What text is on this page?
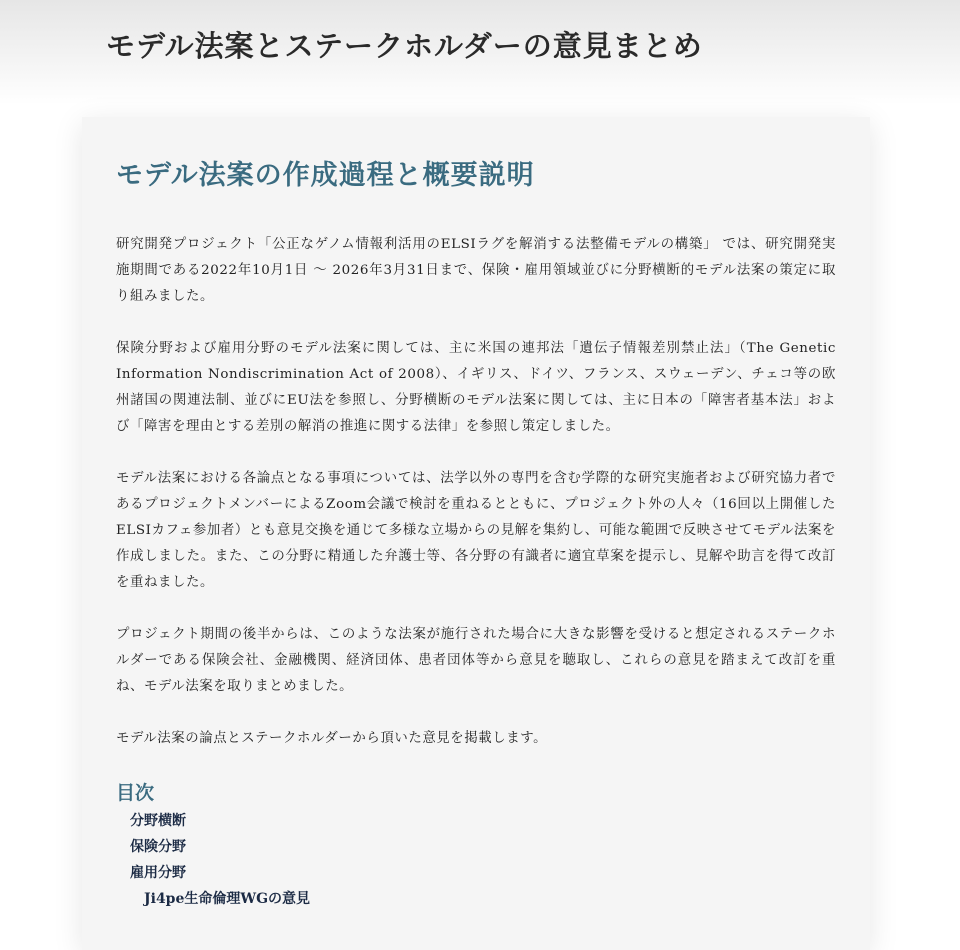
モデル法案とステークホルダーの意見まとめ
モデル法案の作成過程と概要説明

研究開発プロジェクト「公正なゲノム情報利活用のELSIラグを解消する法整備モデルの構築」 では、研究開発実施期間である2022年10月1日 〜 2026年3月31日まで、保険・雇用領域並びに分野横断的モデル法案の策定に取り組みました。

保険分野および雇用分野のモデル法案に関しては、主に米国の連邦法「遺伝子情報差別禁止法」（The Genetic Information Nondiscrimination Act of 2008）、イギリス、ドイツ、フランス、スウェーデン、チェコ等の欧州諸国の関連法制、並びにEU法を参照し、分野横断のモデル法案に関しては、主に日本の「障害者基本法」および「障害を理由とする差別の解消の推進に関する法律」を参照し策定しました。

モデル法案における各論点となる事項については、法学以外の専門を含む学際的な研究実施者および研究協力者であるプロジェクトメンバーによるZoom会議で検討を重ねるとともに、プロジェクト外の人々（16回以上開催したELSIカフェ参加者）とも意見交換を通じて多様な立場からの見解を集約し、可能な範囲で反映させてモデル法案を作成しました。また、この分野に精通した弁護士等、各分野の有識者に適宜草案を提示し、見解や助言を得て改訂を重ねました。

プロジェクト期間の後半からは、このような法案が施行された場合に大きな影響を受けると想定されるステークホルダーである保険会社、金融機関、経済団体、患者団体等から意見を聴取し、これらの意見を踏まえて改訂を重ね、モデル法案を取りまとめました。

モデル法案の論点とステークホルダーから頂いた意見を掲載します。

目次
分野横断
保険分野
雇用分野
Ji4pe生命倫理WGの意見
